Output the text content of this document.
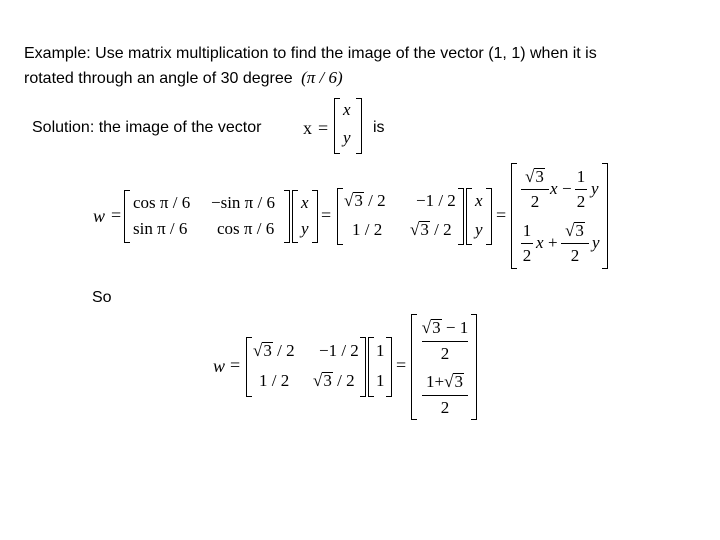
Example: Use matrix multiplication to find the image of the vector (1, 1) when it is
rotated through an angle of 30 degree (π / 6)
Solution: the image of the vector x =
x
y
is
w =
cos π / 6 −sin π / 6
sin π / 6 cos π / 6
x
y
=
√3 / 2 −1 / 2
1 / 2 √3 / 2
x
y
=
√3
2
x −
1
2
y
1
2
x +
√3
2
y
So
w =
√3 / 2 −1 / 2
1 / 2 √3 / 2
1
1
=
√3 − 1
2
1+√3
2
